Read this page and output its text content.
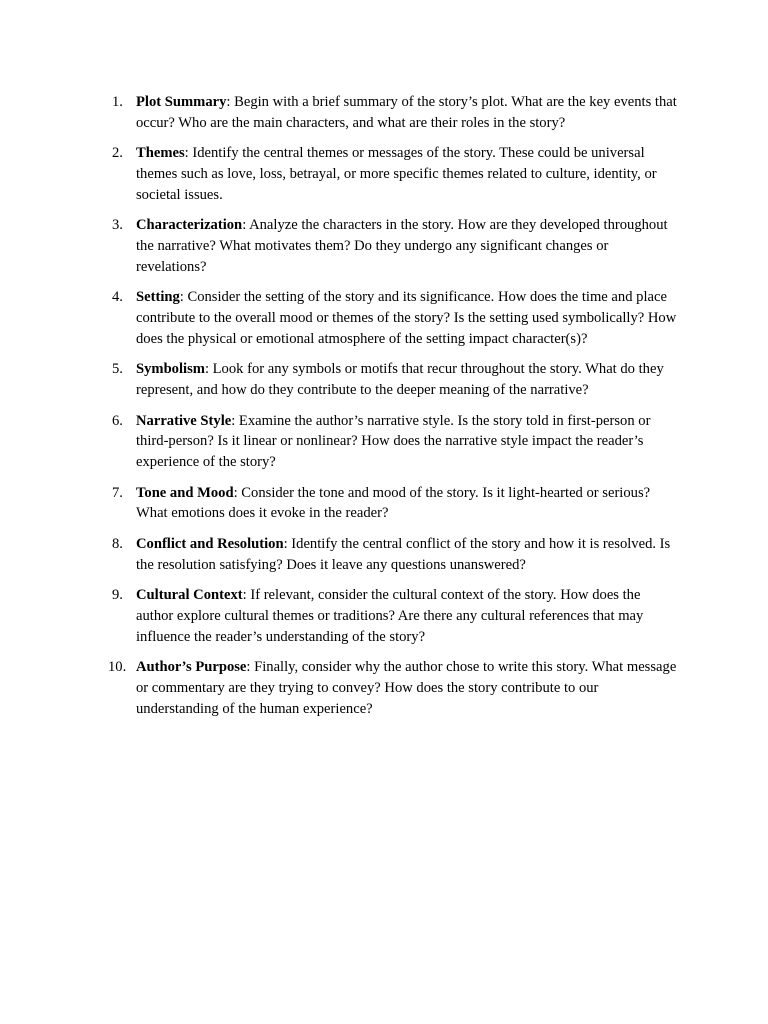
1. Plot Summary: Begin with a brief summary of the story’s plot. What are the key events that occur? Who are the main characters, and what are their roles in the story?
2. Themes: Identify the central themes or messages of the story. These could be universal themes such as love, loss, betrayal, or more specific themes related to culture, identity, or societal issues.
3. Characterization: Analyze the characters in the story. How are they developed throughout the narrative? What motivates them? Do they undergo any significant changes or revelations?
4. Setting: Consider the setting of the story and its significance. How does the time and place contribute to the overall mood or themes of the story? Is the setting used symbolically? How does the physical or emotional atmosphere of the setting impact character(s)?
5. Symbolism: Look for any symbols or motifs that recur throughout the story. What do they represent, and how do they contribute to the deeper meaning of the narrative?
6. Narrative Style: Examine the author’s narrative style. Is the story told in first-person or third-person? Is it linear or nonlinear? How does the narrative style impact the reader’s experience of the story?
7. Tone and Mood: Consider the tone and mood of the story. Is it light-hearted or serious? What emotions does it evoke in the reader?
8. Conflict and Resolution: Identify the central conflict of the story and how it is resolved. Is the resolution satisfying? Does it leave any questions unanswered?
9. Cultural Context: If relevant, consider the cultural context of the story. How does the author explore cultural themes or traditions? Are there any cultural references that may influence the reader’s understanding of the story?
10. Author’s Purpose: Finally, consider why the author chose to write this story. What message or commentary are they trying to convey? How does the story contribute to our understanding of the human experience?
